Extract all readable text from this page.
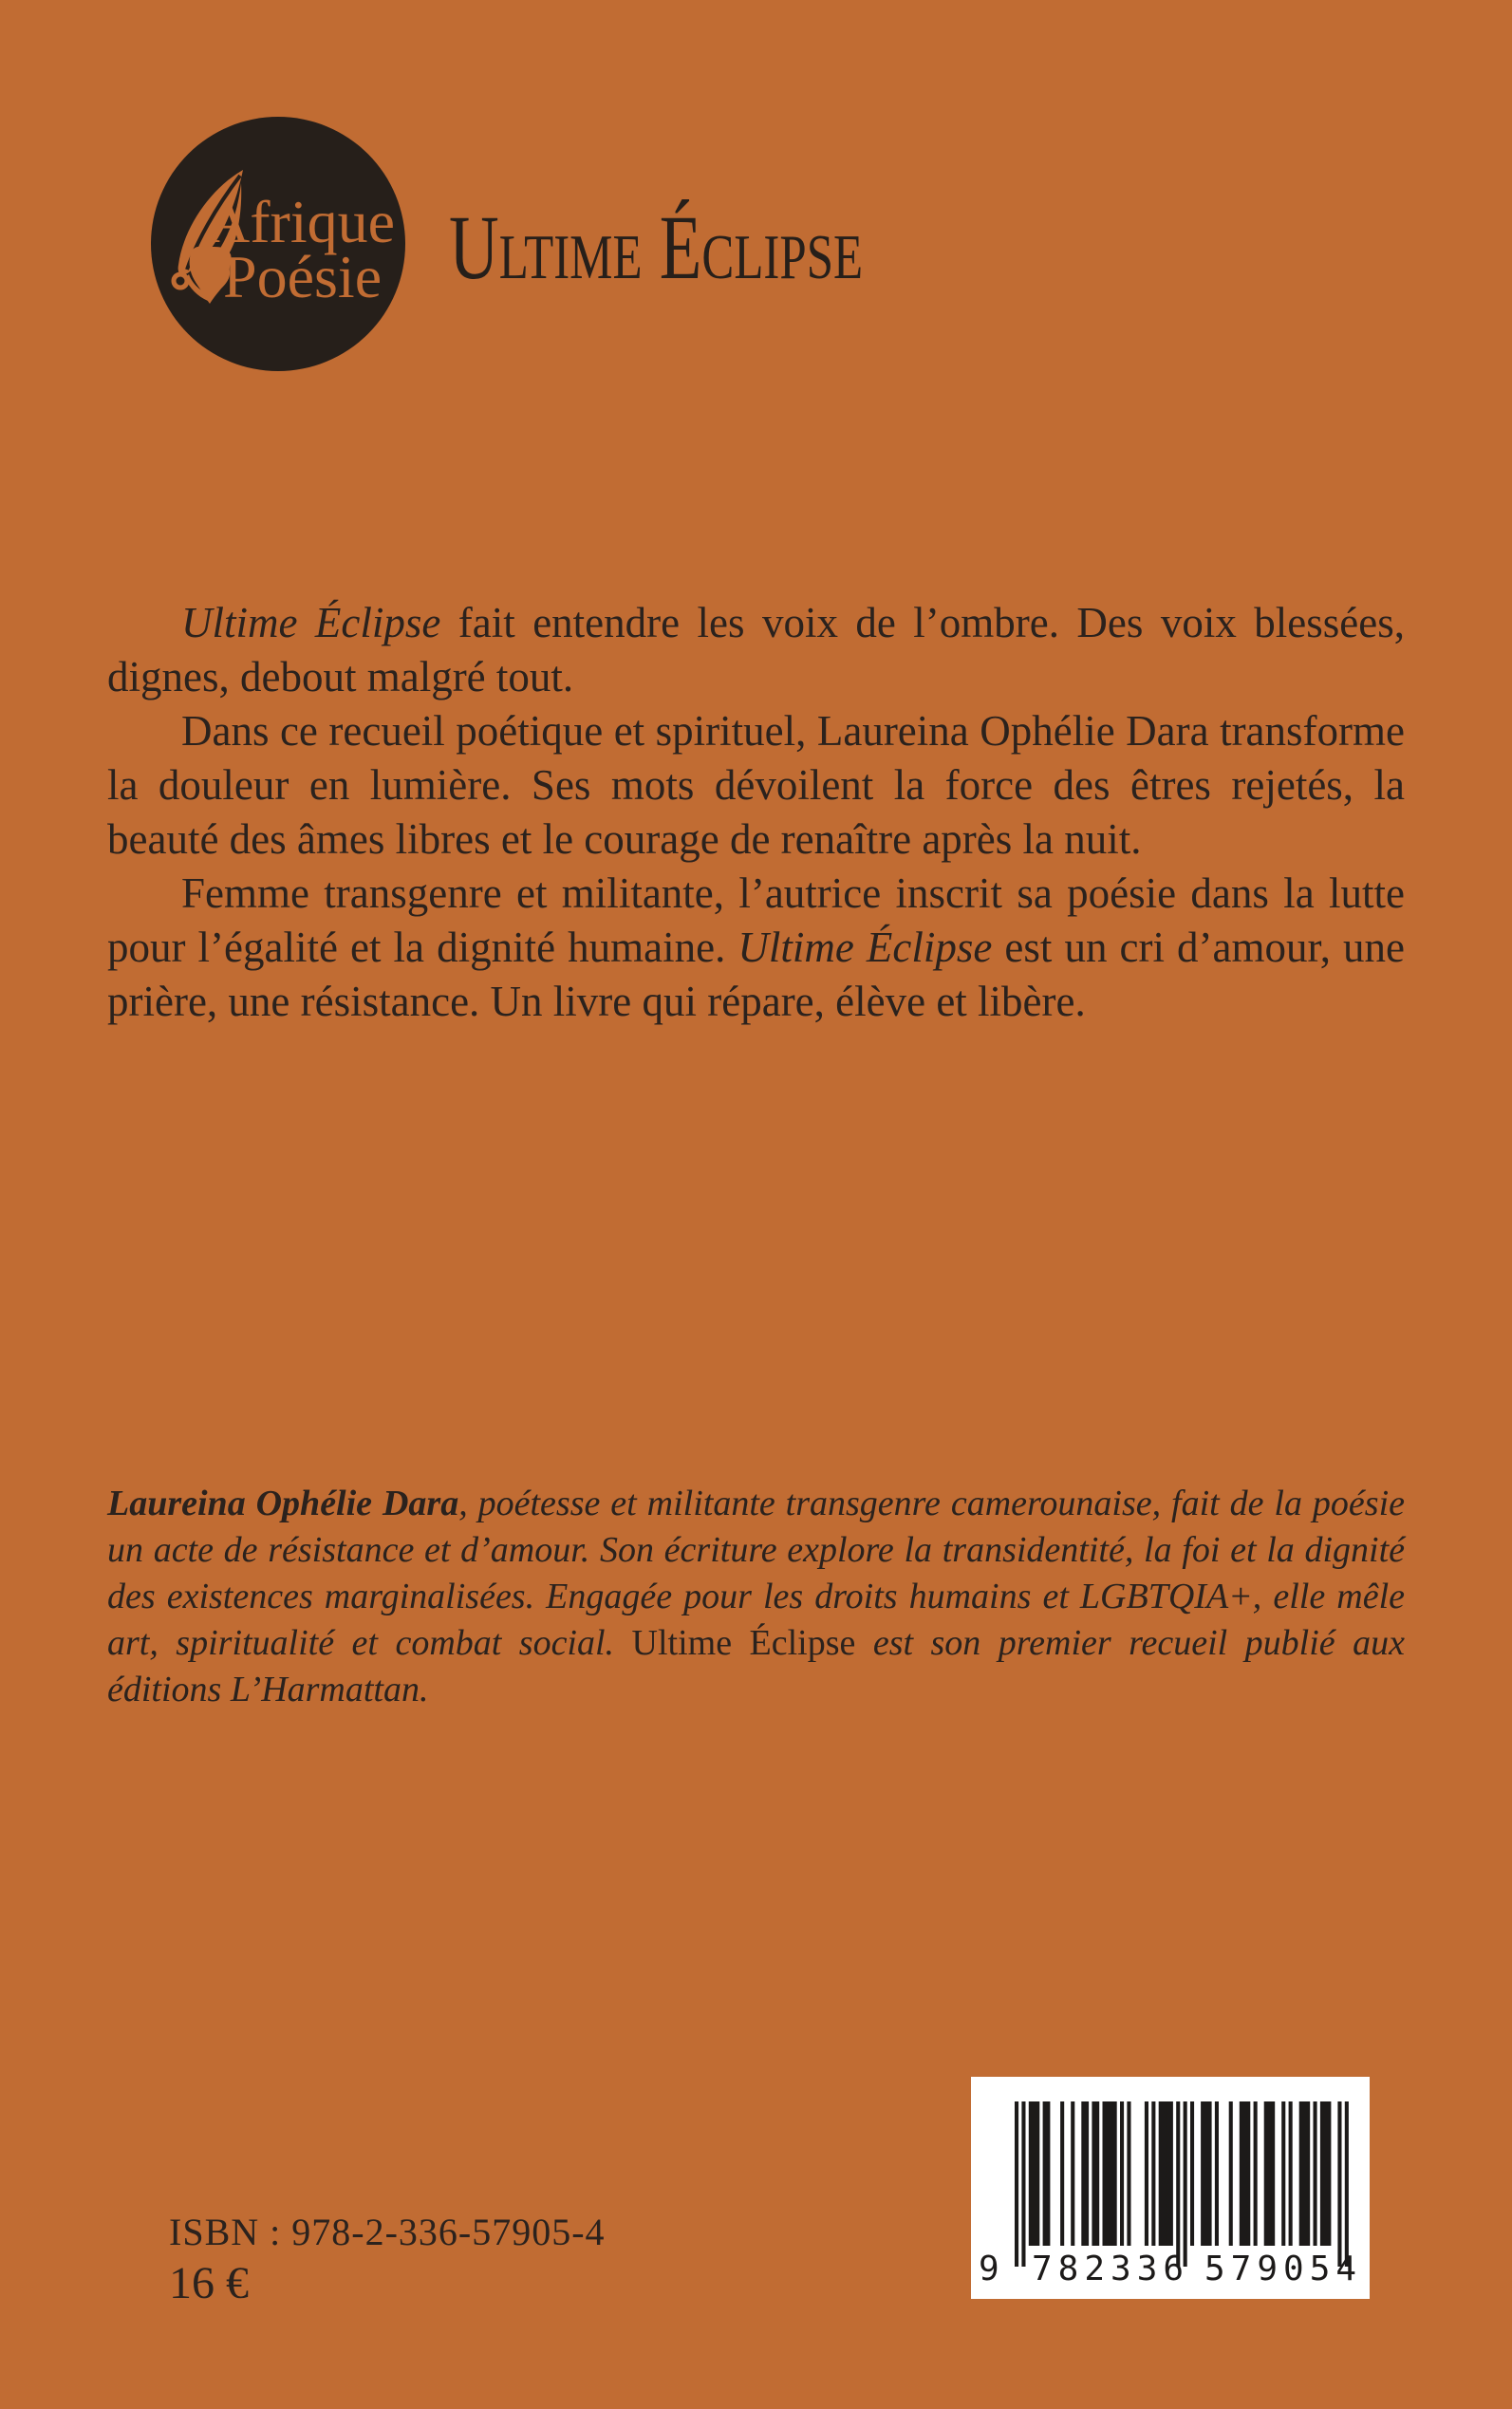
Afrique
Poésie Ultime Éclipse

Ultime Éclipse fait entendre les voix de l’ombre. Des voix blessées, dignes, debout malgré tout.

Dans ce recueil poétique et spirituel, Laureina Ophélie Dara transforme la douleur en lumière. Ses mots dévoilent la force des êtres rejetés, la beauté des âmes libres et le courage de renaître après la nuit.

Femme transgenre et militante, l’autrice inscrit sa poésie dans la lutte pour l’égalité et la dignité humaine. Ultime Éclipse est un cri d’amour, une prière, une résistance. Un livre qui répare, élève et libère.

Laureina Ophélie Dara, poétesse et militante transgenre camerounaise, fait de la poésie un acte de résistance et d’amour. Son écriture explore la transidentité, la foi et la dignité des existences marginalisées. Engagée pour les droits humains et LGBTQIA+, elle mêle art, spiritualité et combat social. Ultime Éclipse est son premier recueil publié aux éditions L’Harmattan.
ISBN : 978-2-336-57905-4
16 €	9 782336 579054
